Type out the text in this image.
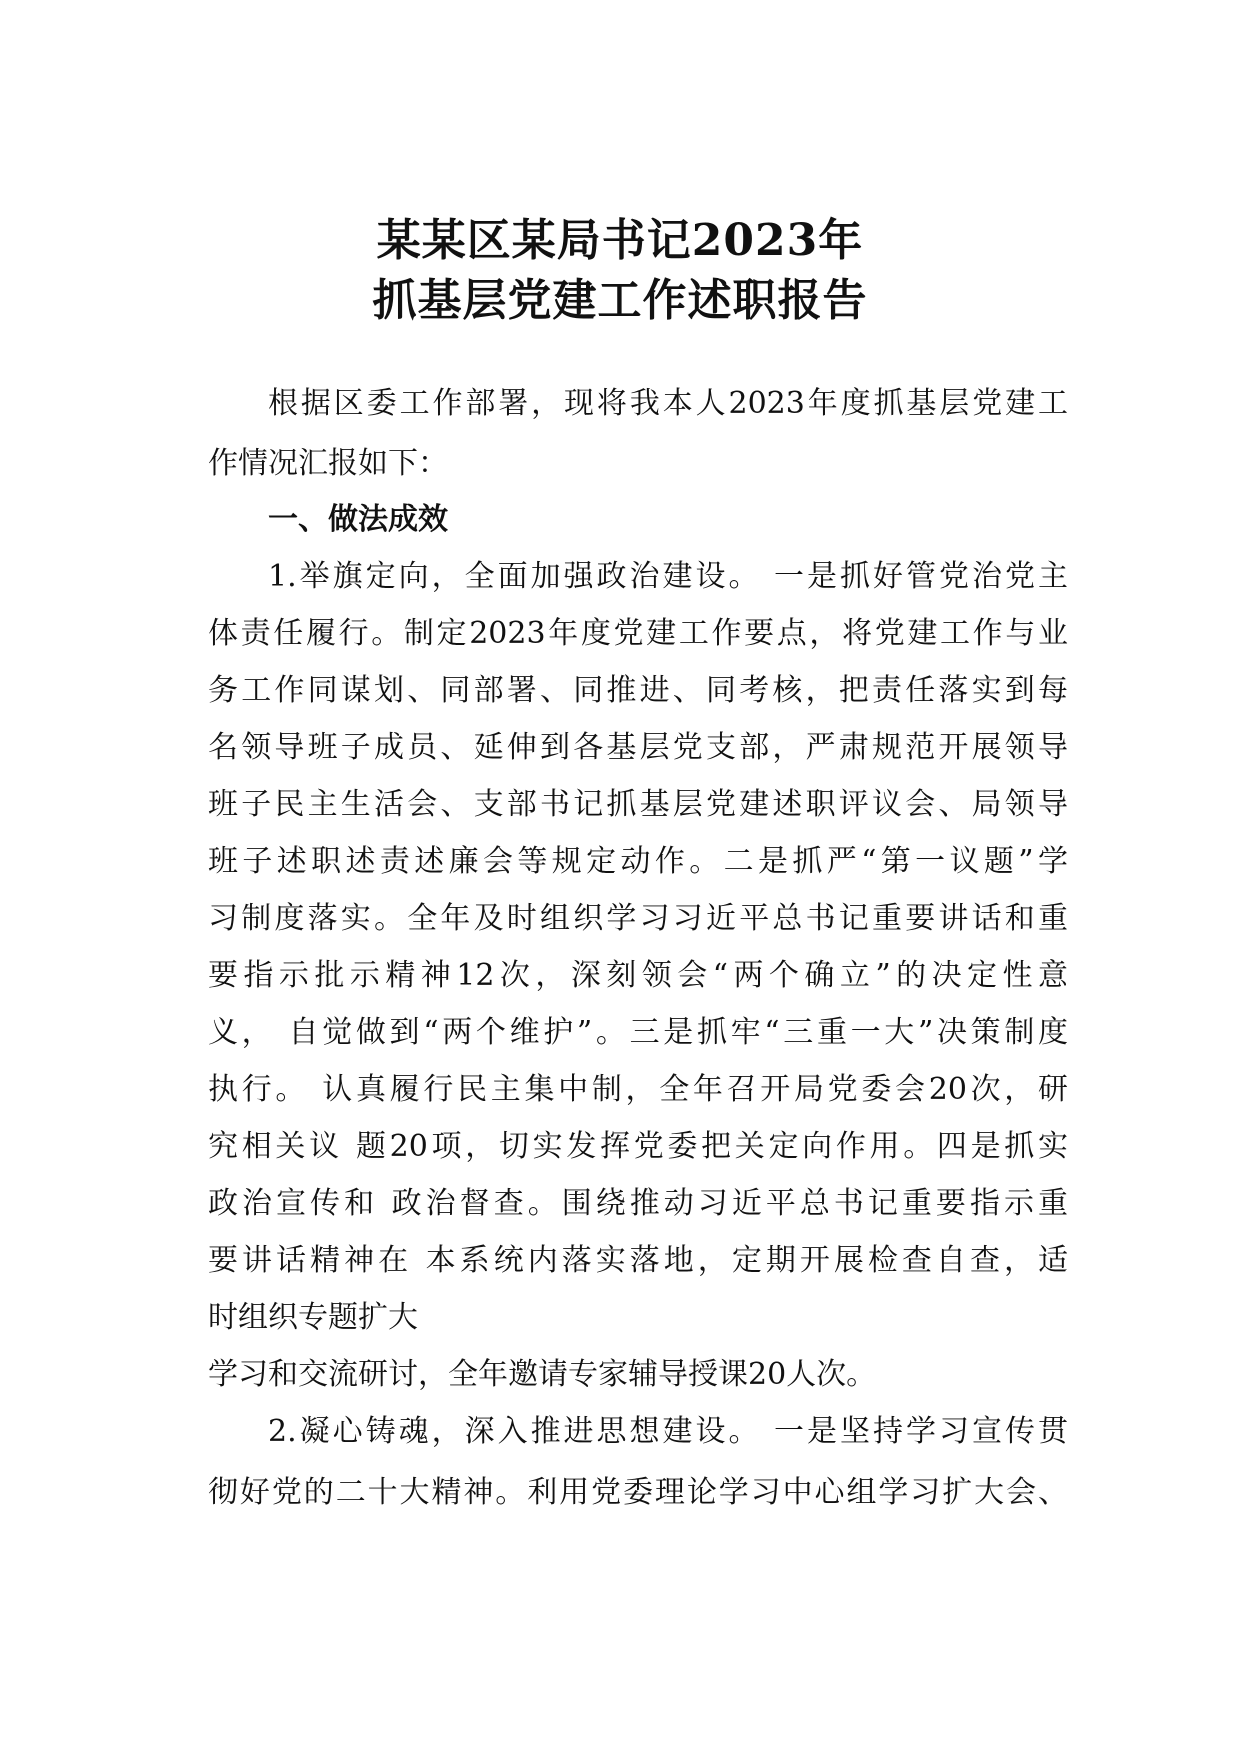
某某区某局书记2023年
抓基层党建工作述职报告

根据区委工作部署，现将我本人2023年度抓基层党建工

作情况汇报如下：

一、做法成效

1.举旗定向，全面加强政治建设。 一是抓好管党治党主

体责任履行。制定2023年度党建工作要点，将党建工作与业

务工作同谋划、同部署、同推进、同考核，把责任落实到每

名领导班子成员、延伸到各基层党支部，严肃规范开展领导

班子民主生活会、支部书记抓基层党建述职评议会、局领导

班子述职述责述廉会等规定动作。二是抓严“第一议题”学

习制度落实。全年及时组织学习习近平总书记重要讲话和重

要指示批示精神12次，深刻领会“两个确立”的决定性意

义， 自觉做到“两个维护”。三是抓牢“三重一大”决策制度

执行。 认真履行民主集中制，全年召开局党委会20次，研

究相关议 题20项，切实发挥党委把关定向作用。四是抓实

政治宣传和 政治督查。围绕推动习近平总书记重要指示重

要讲话精神在 本系统内落实落地，定期开展检查自查，适

时组织专题扩大

学习和交流研讨，全年邀请专家辅导授课20人次。

2.凝心铸魂，深入推进思想建设。 一是坚持学习宣传贯

彻好党的二十大精神。利用党委理论学习中心组学习扩大会、
